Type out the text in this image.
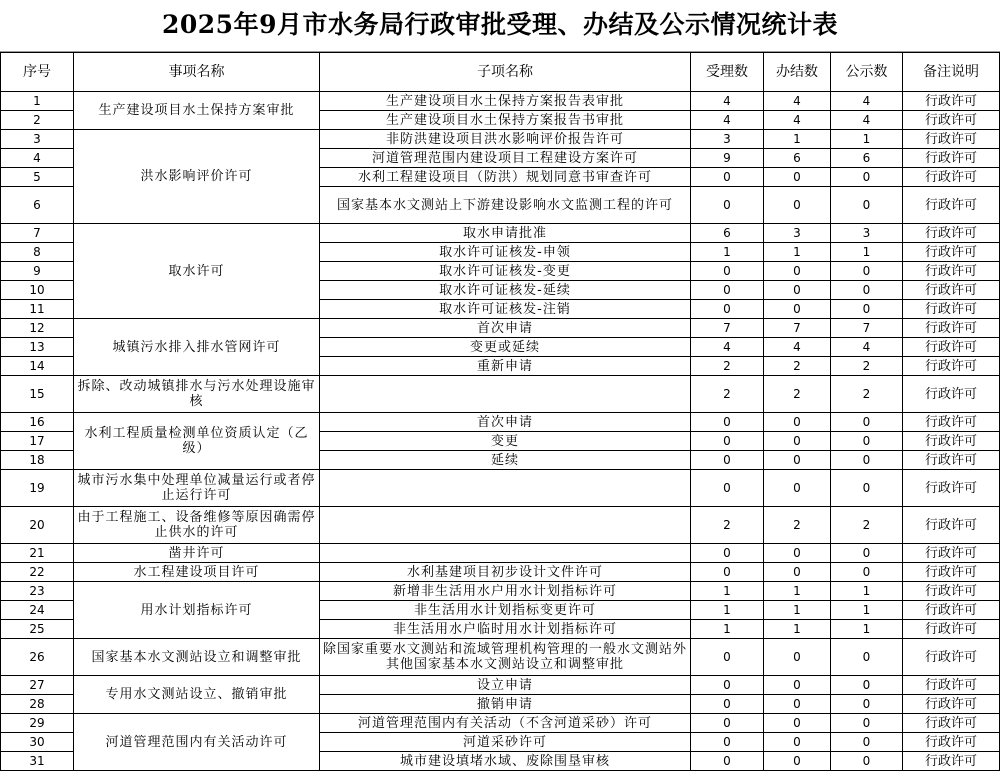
2025年9月市水务局行政审批受理、办结及公示情况统计表
序号	事项名称	子项名称	受理数	办结数	公示数	备注说明
1	生产建设项目水土保持方案审批	生产建设项目水土保持方案报告表审批	4	4	4	行政许可
2		生产建设项目水土保持方案报告书审批	4	4	4	行政许可
3	洪水影响评价许可	非防洪建设项目洪水影响评价报告许可	3	1	1	行政许可
4		河道管理范围内建设项目工程建设方案许可	9	6	6	行政许可
5		水利工程建设项目（防洪）规划同意书审查许可	0	0	0	行政许可
6		国家基本水文测站上下游建设影响水文监测工程的许可	0	0	0	行政许可
7	取水许可	取水申请批准	6	3	3	行政许可
8		取水许可证核发-申领	1	1	1	行政许可
9		取水许可证核发-变更	0	0	0	行政许可
10		取水许可证核发-延续	0	0	0	行政许可
11		取水许可证核发-注销	0	0	0	行政许可
12	城镇污水排入排水管网许可	首次申请	7	7	7	行政许可
13		变更或延续	4	4	4	行政许可
14		重新申请	2	2	2	行政许可
15	拆除、改动城镇排水与污水处理设施审核		2	2	2	行政许可
16	水利工程质量检测单位资质认定（乙级）	首次申请	0	0	0	行政许可
17		变更	0	0	0	行政许可
18		延续	0	0	0	行政许可
19	城市污水集中处理单位减量运行或者停止运行许可		0	0	0	行政许可
20	由于工程施工、设备维修等原因确需停止供水的许可		2	2	2	行政许可
21	凿井许可		0	0	0	行政许可
22	水工程建设项目许可	水利基建项目初步设计文件许可	0	0	0	行政许可
23	用水计划指标许可	新增非生活用水户用水计划指标许可	1	1	1	行政许可
24		非生活用水计划指标变更许可	1	1	1	行政许可
25		非生活用水户临时用水计划指标许可	1	1	1	行政许可
26	国家基本水文测站设立和调整审批	除国家重要水文测站和流域管理机构管理的一般水文测站外其他国家基本水文测站设立和调整审批	0	0	0	行政许可
27	专用水文测站设立、撤销审批	设立申请	0	0	0	行政许可
28		撤销申请	0	0	0	行政许可
29	河道管理范围内有关活动许可	河道管理范围内有关活动（不含河道采砂）许可	0	0	0	行政许可
30		河道采砂许可	0	0	0	行政许可
31		城市建设填堵水域、废除围垦审核	0	0	0	行政许可
